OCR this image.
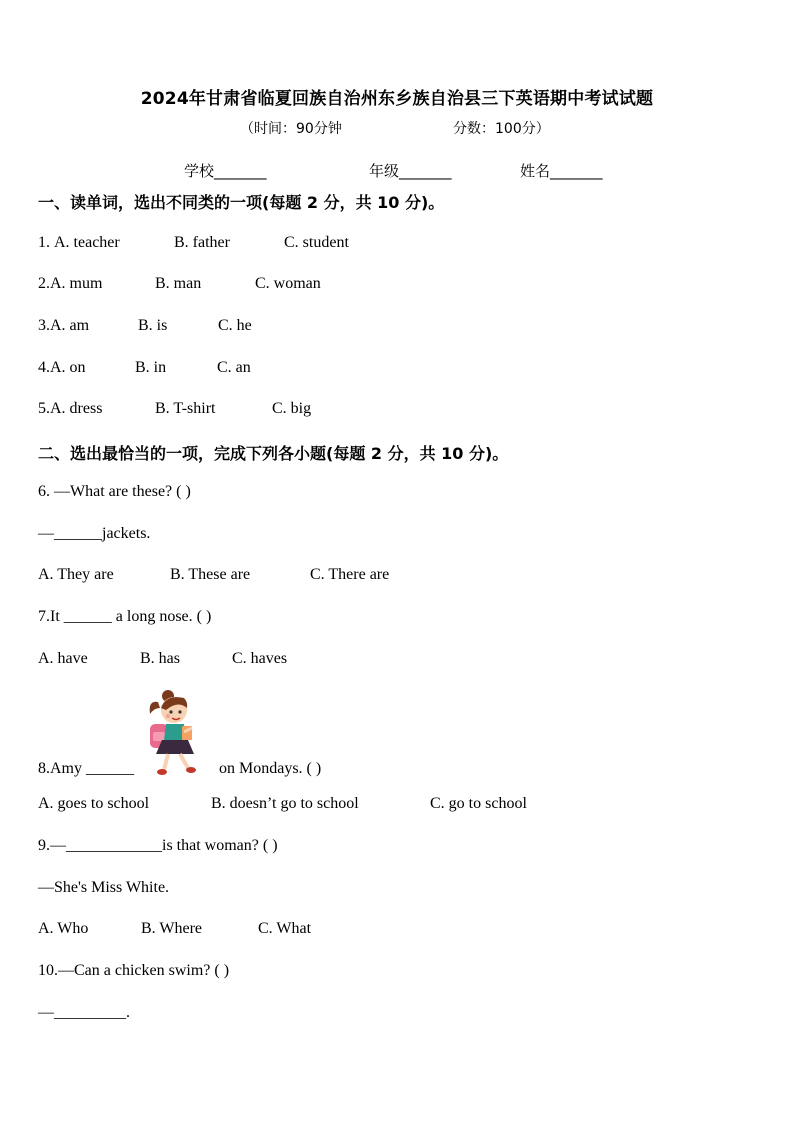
2024年甘肃省临夏回族自治州东乡族自治县三下英语期中考试试题
（时间：90分钟	分数：100分）
学校_______	年级_______	姓名_______
一、读单词，选出不同类的一项(每题 2 分，共 10 分)。
1. A. teacher	B. father	C. student
2.A. mum	B. man	C. woman
3.A. am	B. is	C. he
4.A. on	B. in	C. an
5.A. dress	B. T-shirt	C. big
二、选出最恰当的一项，完成下列各小题(每题 2 分，共 10 分)。
6. —What are these? ( )
—______jackets.
A. They are	B. These are	C. There are
7.It ______ a long nose. ( )
A. have	B. has	C. haves
8.Amy ______	on Mondays. ( )
A. goes to school	B. doesn’t go to school	C. go to school
9.—____________is that woman? ( )
—She's Miss White.
A. Who	B. Where	C. What
10.—Can a chicken swim? ( )
—_________.
